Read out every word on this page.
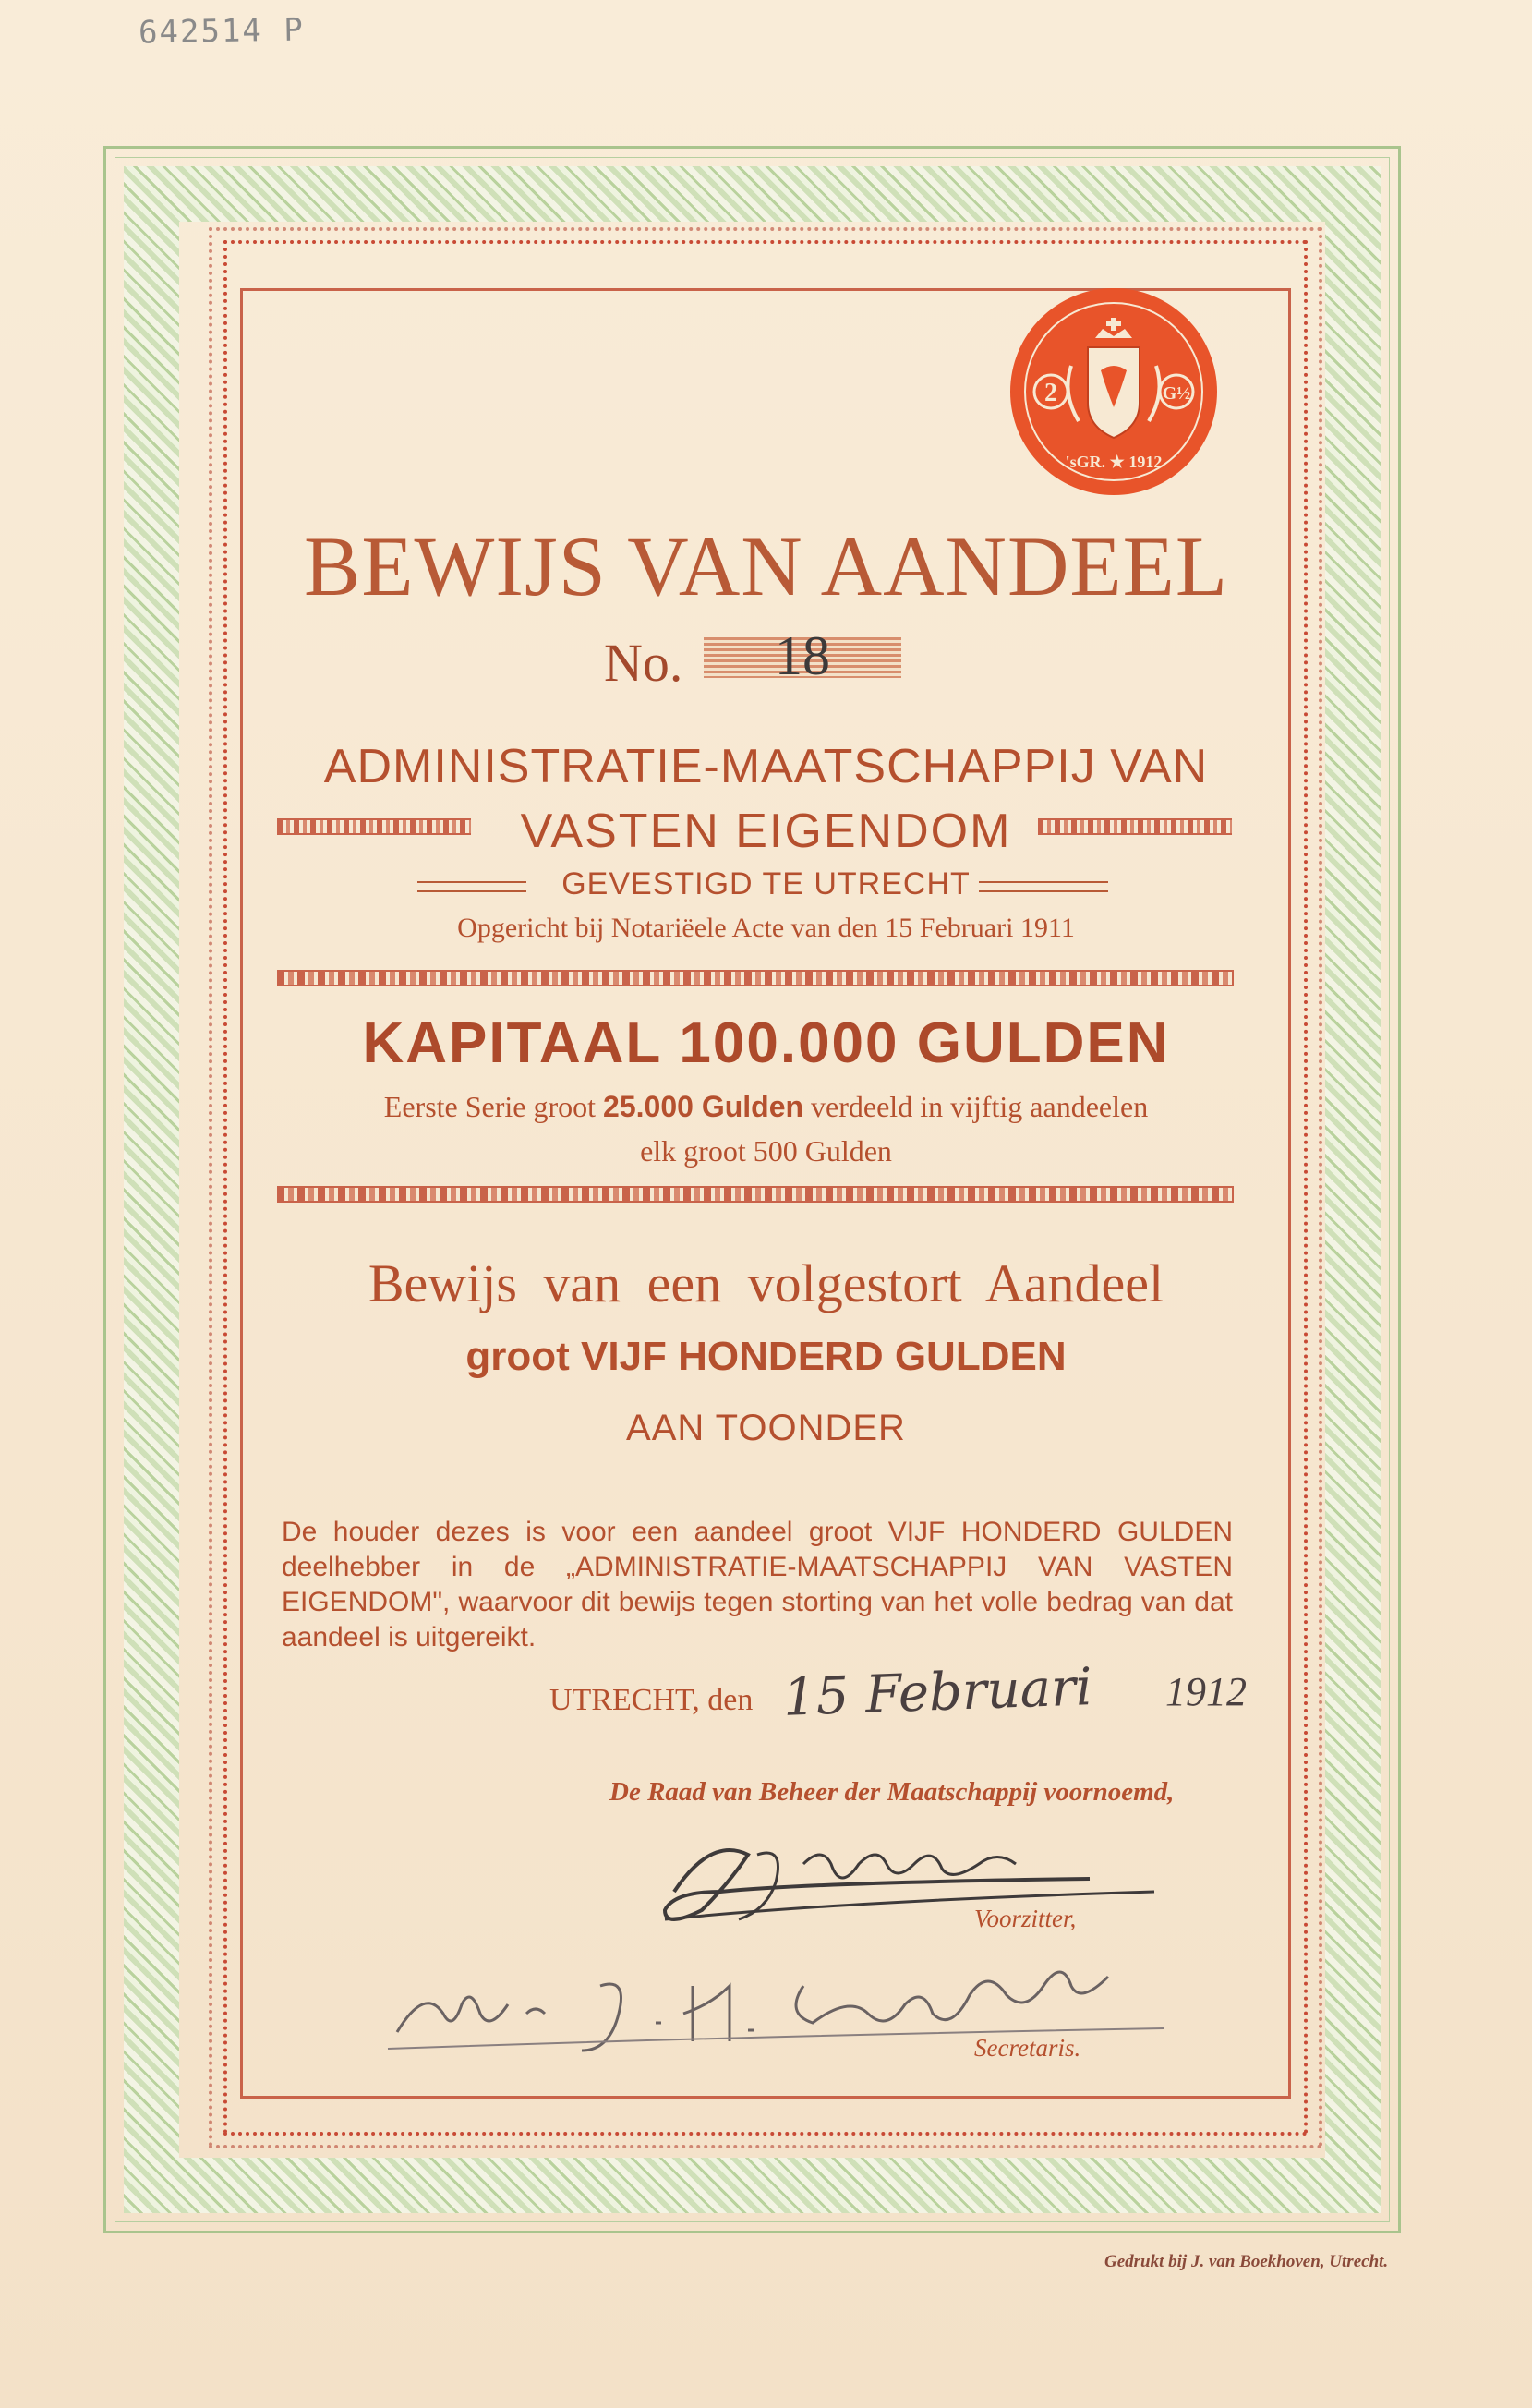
642514 P
2	G½
'sGR. ★ 1912
BEWIJS VAN AANDEEL
No.	18
ADMINISTRATIE-MAATSCHAPPIJ VAN
VASTEN EIGENDOM
GEVESTIGD TE UTRECHT
Opgericht bij Notariëele Acte van den 15 Februari 1911
KAPITAAL 100.000 GULDEN
Eerste Serie groot 25.000 Gulden verdeeld in vijftig aandeelen
elk groot 500 Gulden
Bewijs van een volgestort Aandeel
groot VIJF HONDERD GULDEN
AAN TOONDER
De houder dezes is voor een aandeel groot VIJF HONDERD GULDEN deelhebber in de „ADMINISTRATIE-MAATSCHAPPIJ VAN VASTEN EIGENDOM", waarvoor dit bewijs tegen storting van het volle bedrag van dat aandeel is uitgereikt.
UTRECHT, den 15 Februari 1912
De Raad van Beheer der Maatschappij voornoemd,
Voorzitter,
Secretaris.
Gedrukt bij J. van Boekhoven, Utrecht.
